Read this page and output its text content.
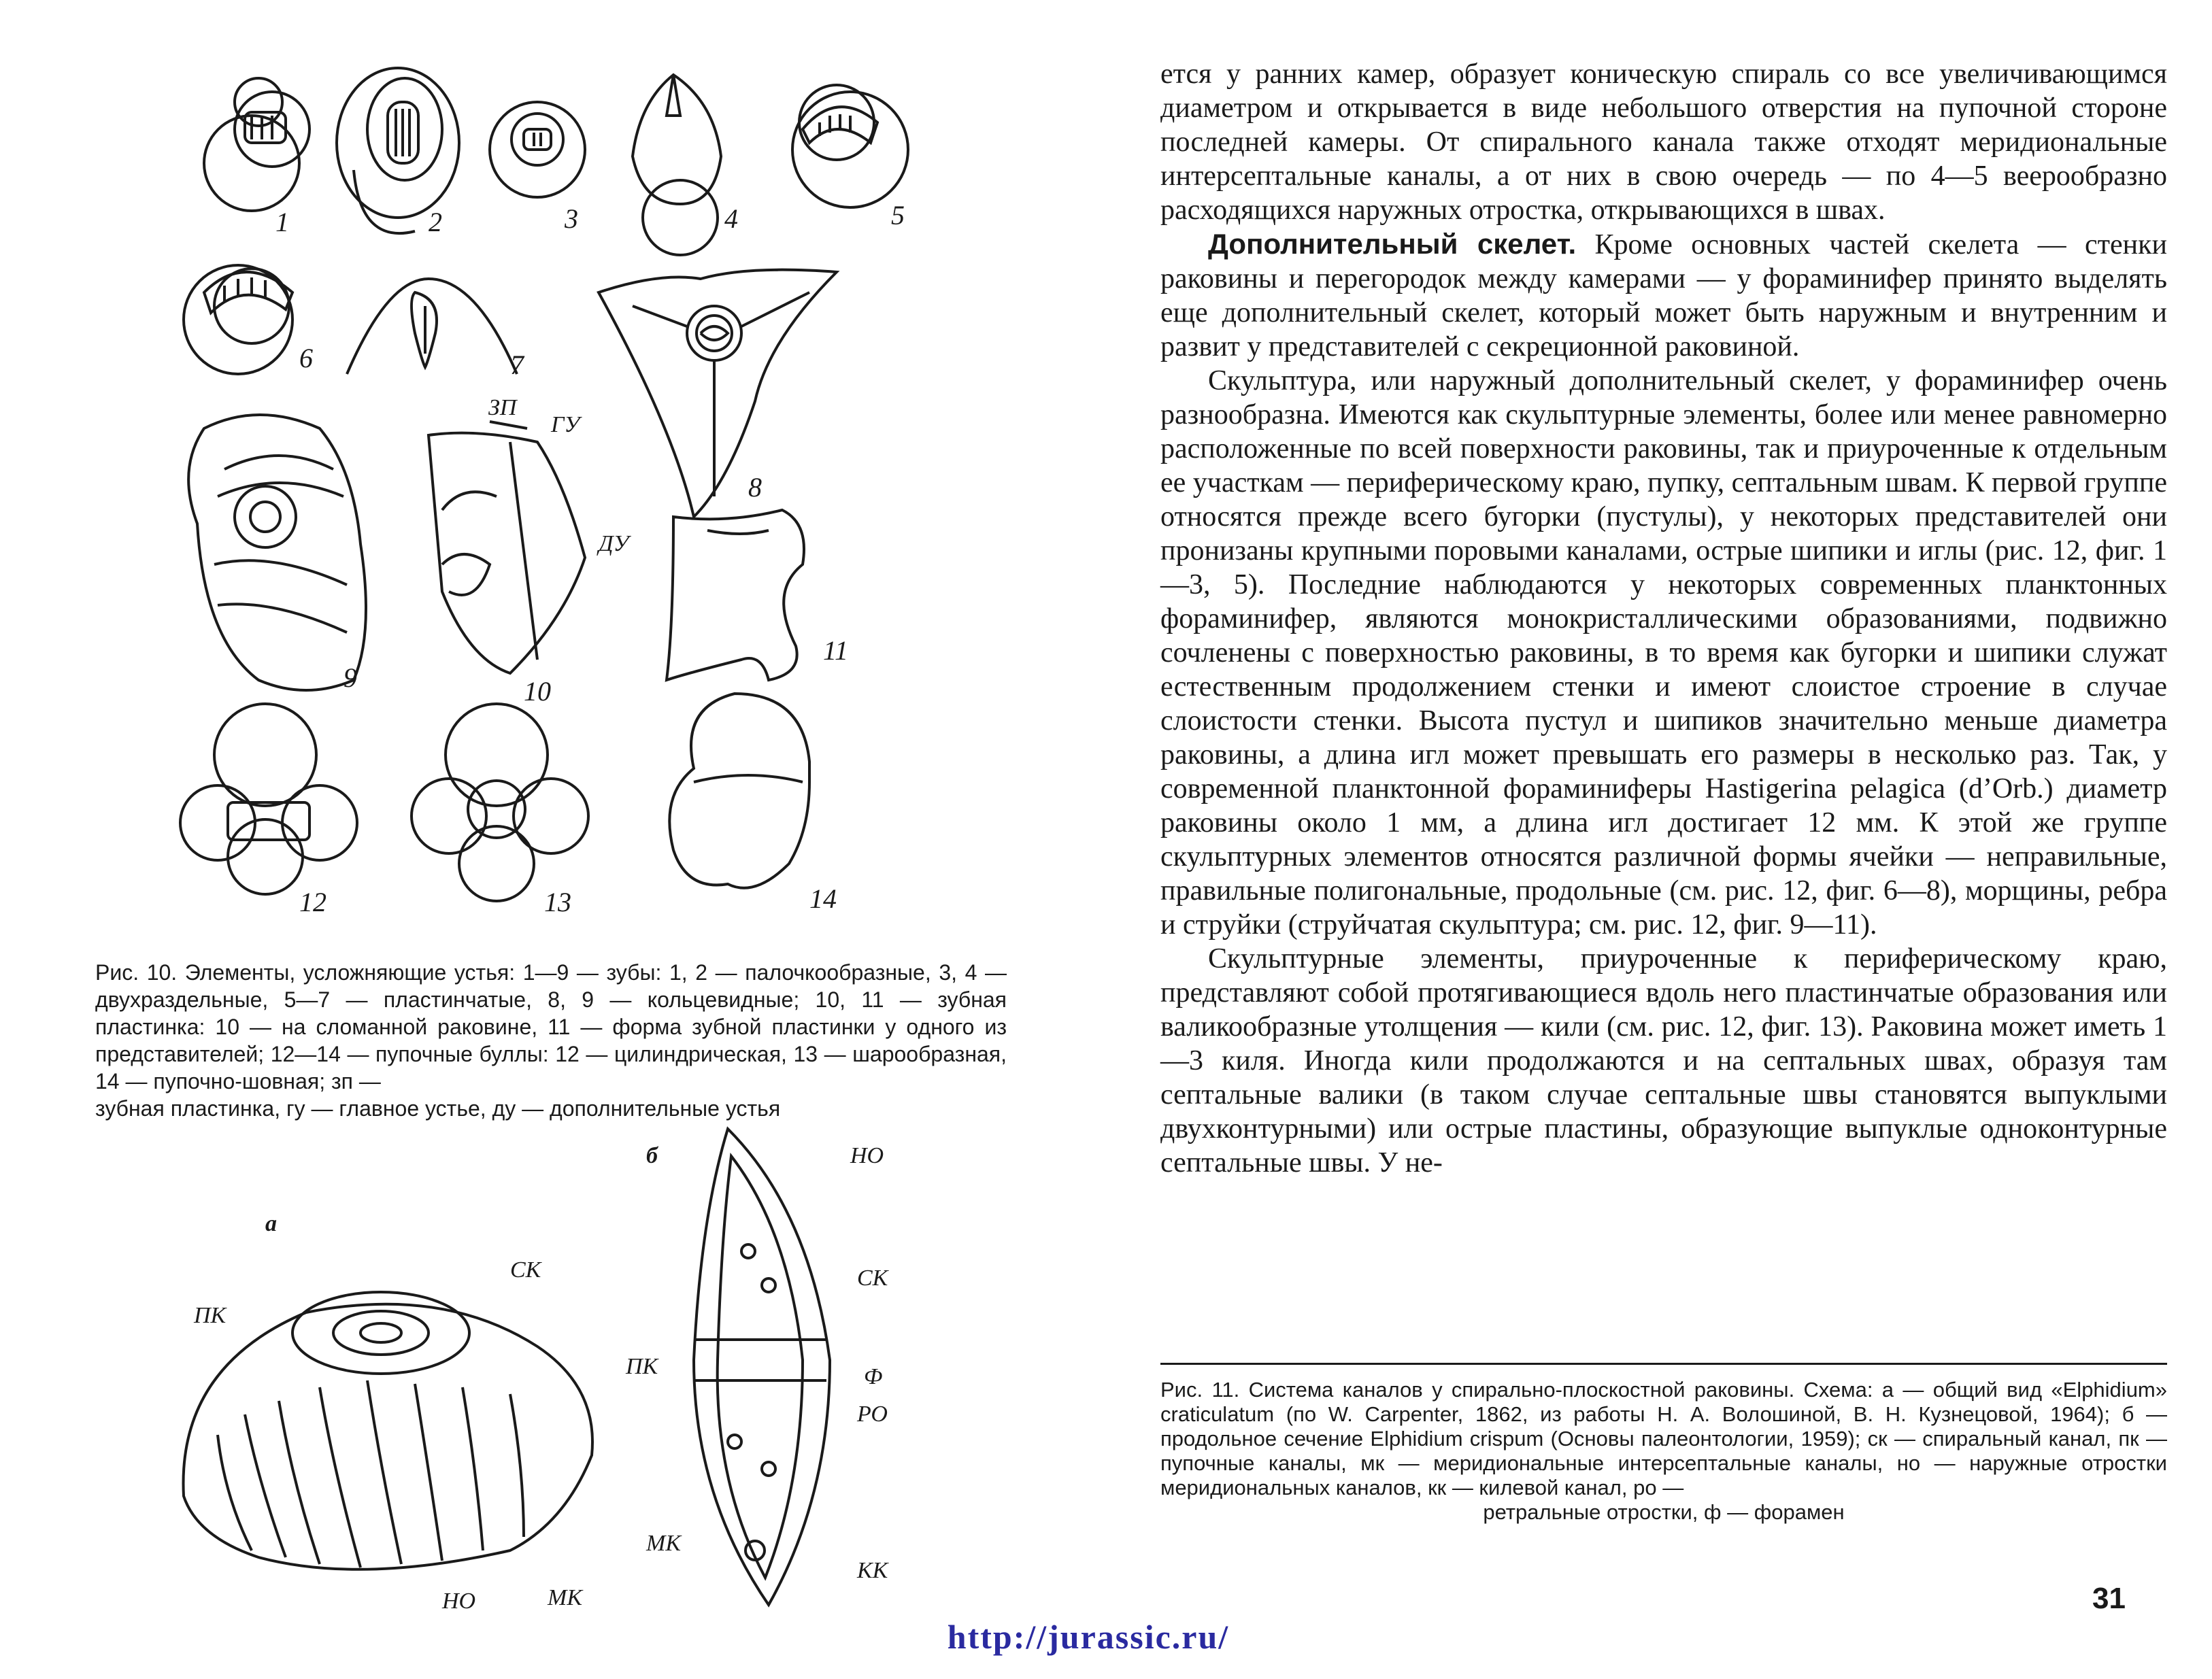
1	2	3	4	5
6	7
8
9
ЗП
ГУ
ДУ
10
11
12	13	14
Рис. 10. Элементы, усложняющие устья: 1—9 — зубы: 1, 2 — палочкообразные, 3, 4 — двухраздельные, 5—7 — пластинчатые, 8, 9 — кольцевидные; 10, 11 — зубная пластинка: 10 — на сломанной раковине, 11 — форма зубной пластинки у одного из представителей; 12—14 — пупочные буллы: 12 — цилиндрическая, 13 — шарообразная, 14 — пупочно-шовная; зп —
зубная пластинка, гу — главное устье, ду — дополнительные устья
а
ПК
СК
НО	МК
б	НО
СК
ПК	Ф
РО
МК
КК

ется у ранних камер, образует коническую спираль со все увеличивающимся диаметром и открывается в виде небольшого отверстия на пупочной стороне последней камеры. От спирального канала также отходят меридиональные интерсептальные каналы, а от них в свою очередь — по 4—5 веерообразно расходящихся наружных отростка, открывающихся в швах.

Дополнительный скелет. Кроме основных частей скелета — стенки раковины и перегородок между камерами — у фораминифер принято выделять еще дополнительный скелет, который может быть наружным и внутренним и развит у представителей с секреционной раковиной.

Скульптура, или наружный дополнительный скелет, у фораминифер очень разнообразна. Имеются как скульптурные элементы, более или менее равномерно расположенные по всей поверхности раковины, так и приуроченные к отдельным ее участкам — периферическому краю, пупку, септальным швам. К первой группе относятся прежде всего бугорки (пустулы), у некоторых представителей они пронизаны крупными поровыми каналами, острые шипики и иглы (рис. 12, фиг. 1—3, 5). Последние наблюдаются у некоторых современных планктонных фораминифер, являются монокристаллическими образованиями, подвижно сочленены с поверхностью раковины, в то время как бугорки и шипики служат естественным продолжением стенки и имеют слоистое строение в случае слоистости стенки. Высота пустул и шипиков значительно меньше диаметра раковины, а длина игл может превышать его размеры в несколько раз. Так, у современной планктонной фораминиферы Hastigerina pelagica (d’Orb.) диаметр раковины около 1 мм, а длина игл достигает 12 мм. К этой же группе скульптурных элементов относятся различной формы ячейки — неправильные, правильные полигональные, продольные (см. рис. 12, фиг. 6—8), морщины, ребра и струйки (струйчатая скульптура; см. рис. 12, фиг. 9—11).

Скульптурные элементы, приуроченные к периферическому краю, представляют собой протягивающиеся вдоль него пластинчатые образования или валикообразные утолщения — кили (см. рис. 12, фиг. 13). Раковина может иметь 1—3 киля. Иногда кили продолжаются и на септальных швах, образуя там септальные валики (в таком случае септальные швы становятся выпуклыми двухконтурными) или острые пластины, образующие выпуклые одноконтурные септальные швы. У не-

Рис. 11. Система каналов у спирально-плоскостной раковины. Схема: а — общий вид «Elphidium» craticulatum (по W. Carpenter, 1862, из работы Н. А. Волошиной, В. Н. Кузнецовой, 1964); б — продольное сечение Elphidium crispum (Основы палеонтологии, 1959); ск — спиральный канал, пк — пупочные каналы, мк — меридиональные интерсептальные каналы, но — наружные отростки меридиональных каналов, кк — килевой канал, ро —
ретральные отростки, ф — форамен
31
http://jurassic.ru/
